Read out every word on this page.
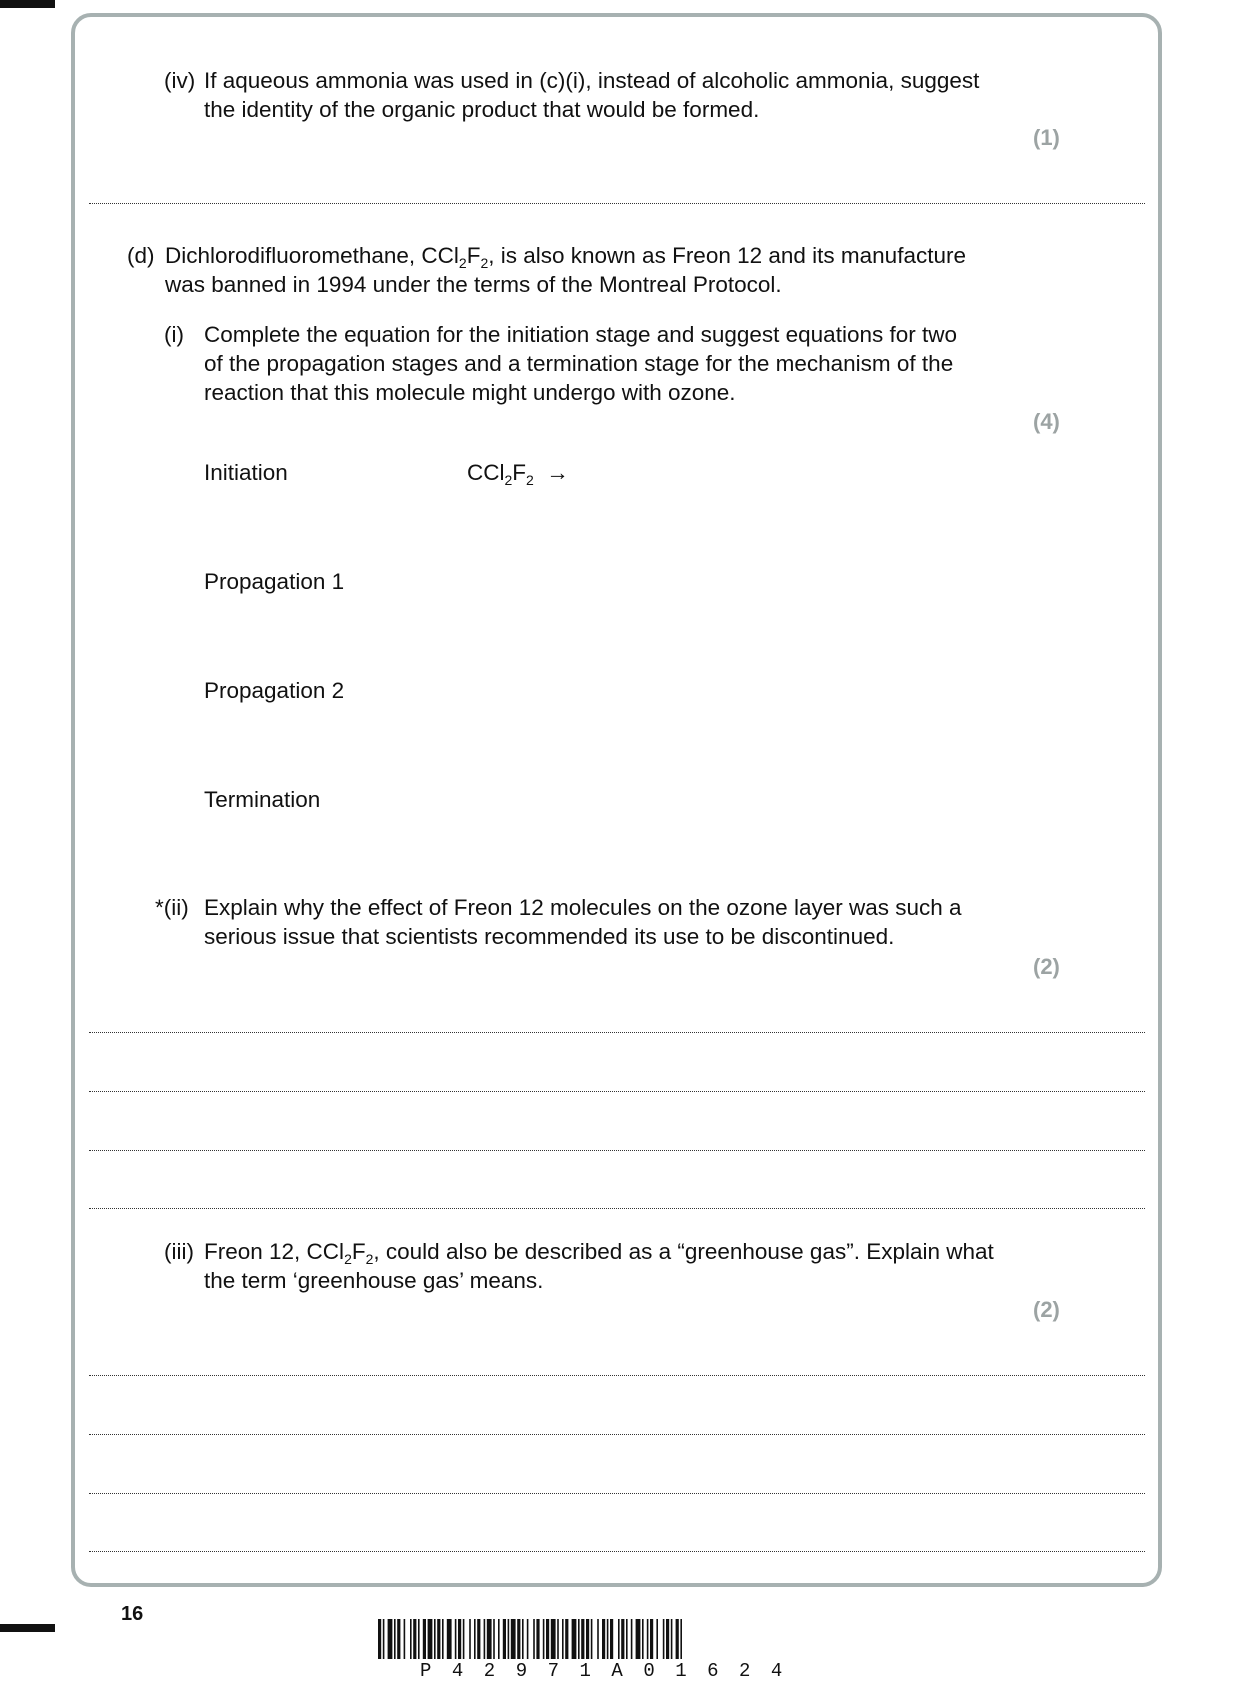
(iv) If aqueous ammonia was used in (c)(i), instead of alcoholic ammonia, suggest
the identity of the organic product that would be formed.
(1)
(d) Dichlorodifluoromethane, $CCl_2F_2$, is also known as Freon 12 and its manufacture
was banned in 1994 under the terms of the Montreal Protocol.
(i) Complete the equation for the initiation stage and suggest equations for two
of the propagation stages and a termination stage for the mechanism of the
reaction that this molecule might undergo with ozone.
(4)
Initiation	$CCl_2F_2$ →
Propagation 1
Propagation 2
Termination
*(ii) Explain why the effect of Freon 12 molecules on the ozone layer was such a
serious issue that scientists recommended its use to be discontinued.
(2)
(iii) Freon 12, $CCl_2F_2$, could also be described as a “greenhouse gas”. Explain what
the term ‘greenhouse gas’ means.
(2)
16
P42971A01624
